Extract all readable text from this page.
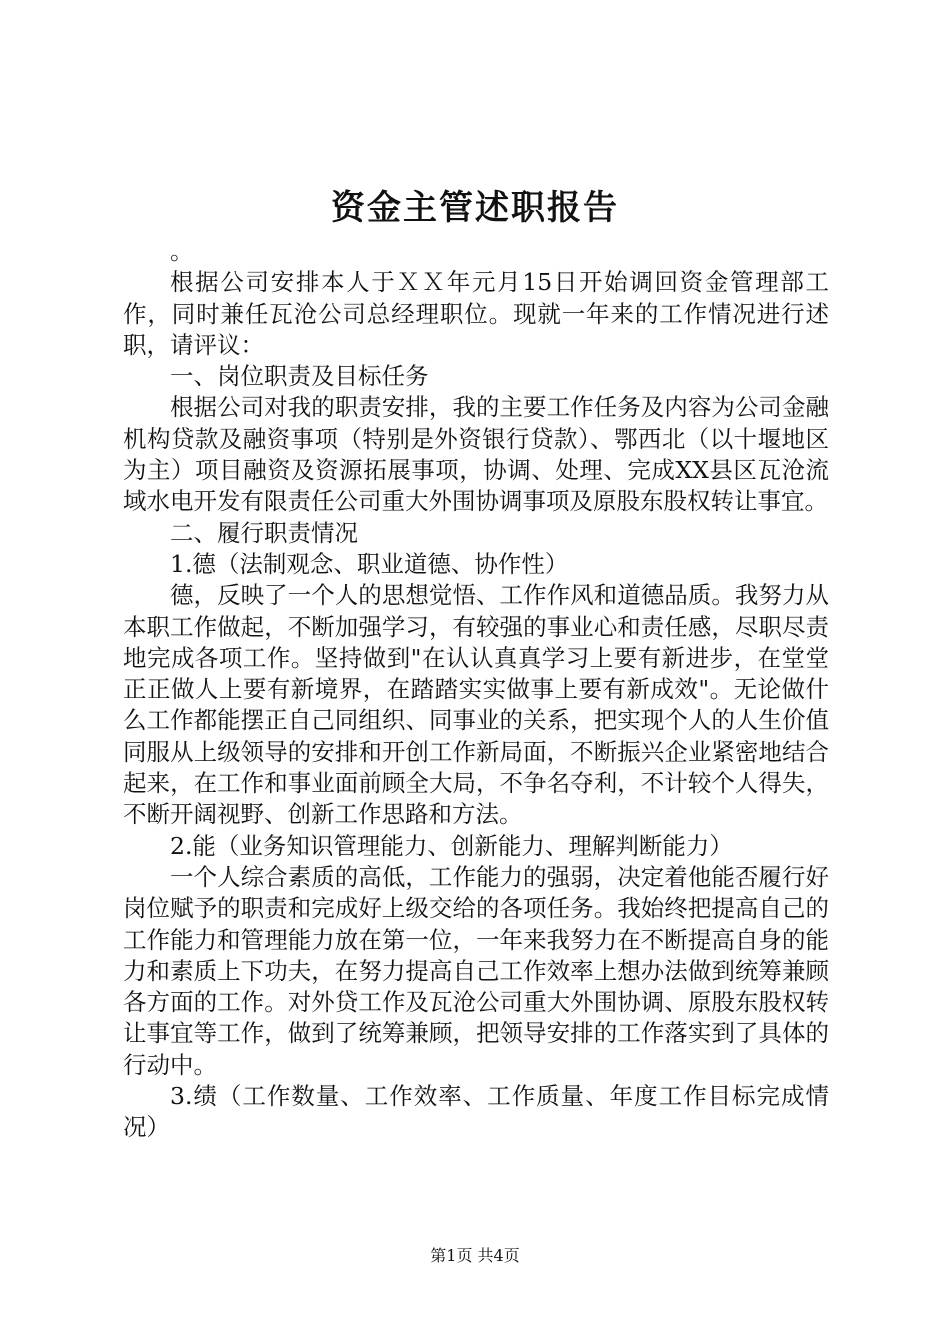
资金主管述职报告

。

根据公司安排本人于ＸＸ年元月15日开始调回资金管理部工作，同时兼任瓦沧公司总经理职位。现就一年来的工作情况进行述职，请评议：

一、岗位职责及目标任务

根据公司对我的职责安排，我的主要工作任务及内容为公司金融机构贷款及融资事项（特别是外资银行贷款）、鄂西北（以十堰地区为主）项目融资及资源拓展事项，协调、处理、完成XX县区瓦沧流域水电开发有限责任公司重大外围协调事项及原股东股权转让事宜。

二、履行职责情况

1.德（法制观念、职业道德、协作性）

德，反映了一个人的思想觉悟、工作作风和道德品质。我努力从本职工作做起，不断加强学习，有较强的事业心和责任感，尽职尽责地完成各项工作。坚持做到"在认认真真学习上要有新进步，在堂堂正正做人上要有新境界，在踏踏实实做事上要有新成效"。无论做什么工作都能摆正自己同组织、同事业的关系，把实现个人的人生价值同服从上级领导的安排和开创工作新局面，不断振兴企业紧密地结合起来，在工作和事业面前顾全大局，不争名夺利，不计较个人得失，不断开阔视野、创新工作思路和方法。

2.能（业务知识管理能力、创新能力、理解判断能力）

一个人综合素质的高低，工作能力的强弱，决定着他能否履行好岗位赋予的职责和完成好上级交给的各项任务。我始终把提高自己的工作能力和管理能力放在第一位，一年来我努力在不断提高自身的能力和素质上下功夫，在努力提高自己工作效率上想办法做到统筹兼顾各方面的工作。对外贷工作及瓦沧公司重大外围协调、原股东股权转让事宜等工作，做到了统筹兼顾，把领导安排的工作落实到了具体的行动中。

3.绩（工作数量、工作效率、工作质量、年度工作目标完成情况）

第1页 共4页
